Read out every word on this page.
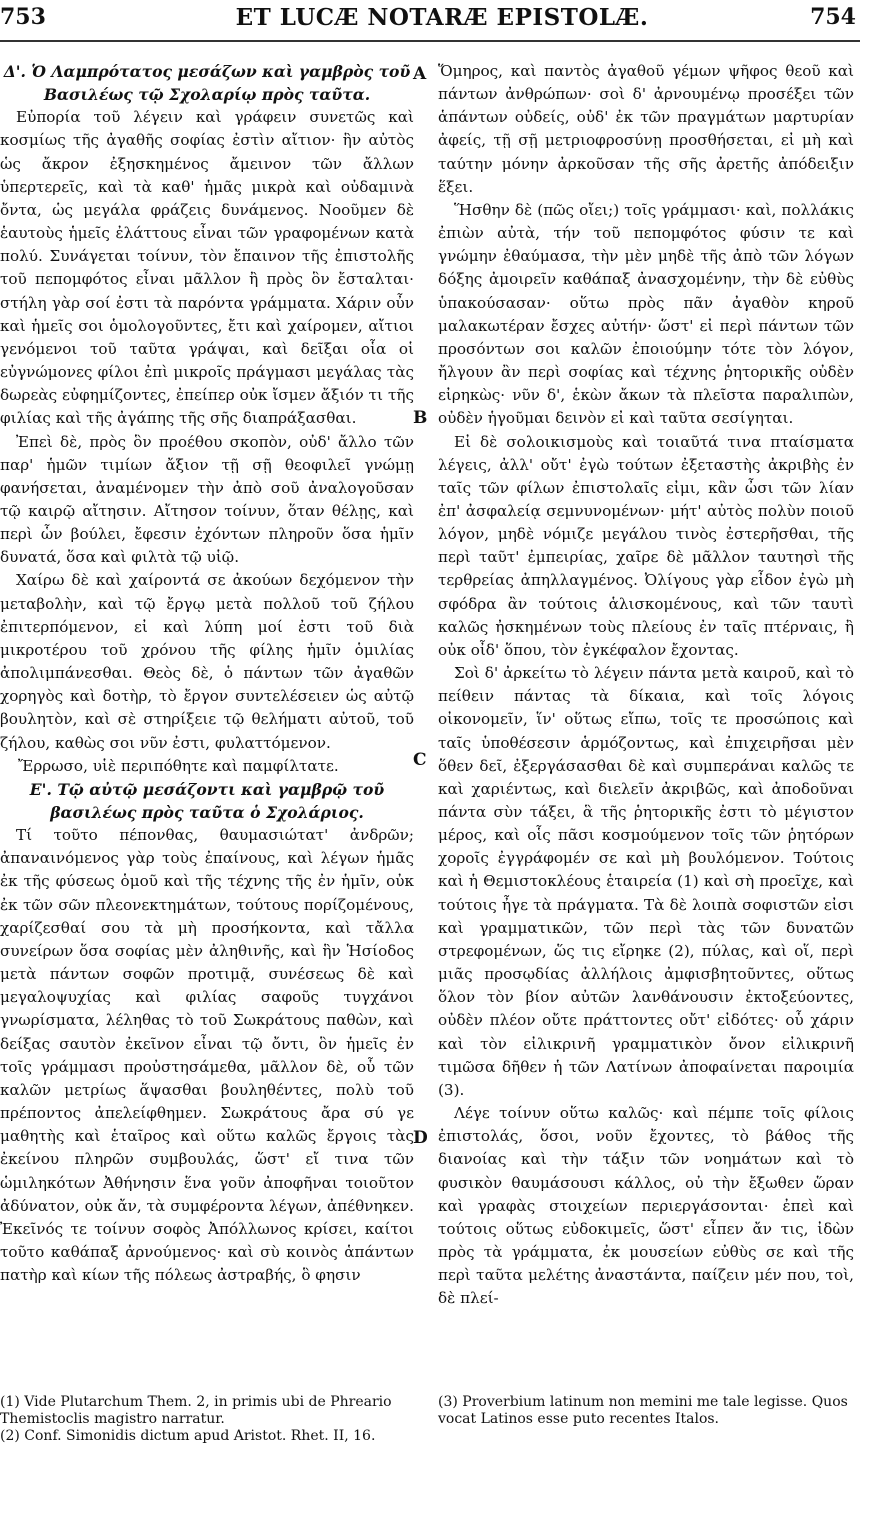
753	ET LUCÆ NOTARÆ EPISTOLÆ.	754

Δ'. Ὁ Λαμπρότατος μεσάζων καὶ γαμβρὸς τοῦ Βασιλέως τῷ Σχολαρίῳ πρὸς ταῦτα.

Εὐπορία τοῦ λέγειν καὶ γράφειν συνετῶς καὶ κοσμίως τῆς ἀγαθῆς σοφίας ἐστὶν αἴτιον· ἣν αὐτὸς ὡς ἄκρον ἐξησκημένος ἄμεινον τῶν ἄλλων ὑπερτερεῖς, καὶ τὰ καθ' ἡμᾶς μικρὰ καὶ οὐδαμινὰ ὄντα, ὡς μεγάλα φράζεις δυνάμενος. Νοοῦμεν δὲ ἑαυτοὺς ἡμεῖς ἐλάττους εἶναι τῶν γραφομένων κατὰ πολύ. Συνάγεται τοίνυν, τὸν ἔπαινον τῆς ἐπιστολῆς τοῦ πεπομφότος εἶναι μᾶλλον ἢ πρὸς ὃν ἔσταλται· στήλη γὰρ σοί ἐστι τὰ παρόντα γράμματα. Χάριν οὖν καὶ ἡμεῖς σοι ὁμολογοῦντες, ἔτι καὶ χαίρομεν, αἴτιοι γενόμενοι τοῦ ταῦτα γράψαι, καὶ δεῖξαι οἷα οἱ εὐγνώμονες φίλοι ἐπὶ μικροῖς πράγμασι μεγάλας τὰς δωρεὰς εὐφημίζοντες, ἐπείπερ οὐκ ἴσμεν ἄξιόν τι τῆς φιλίας καὶ τῆς ἀγάπης τῆς σῆς διαπράξασθαι.

Ἐπεὶ δὲ, πρὸς ὃν προέθου σκοπὸν, οὐδ' ἄλλο τῶν παρ' ἡμῶν τιμίων ἄξιον τῇ σῇ θεοφιλεῖ γνώμῃ φανήσεται, ἀναμένομεν τὴν ἀπὸ σοῦ ἀναλογοῦσαν τῷ καιρῷ αἴτησιν. Αἴτησον τοίνυν, ὅταν θέλῃς, καὶ περὶ ὧν βούλει, ἔφεσιν ἐχόντων πληροῦν ὅσα ἡμῖν δυνατά, ὅσα καὶ φιλτὰ τῷ υἱῷ.

Χαίρω δὲ καὶ χαίροντά σε ἀκούων δεχόμενον τὴν μεταβολὴν, καὶ τῷ ἔργῳ μετὰ πολλοῦ τοῦ ζήλου ἐπιτερπόμενον, εἰ καὶ λύπη μοί ἐστι τοῦ διὰ μικροτέρου τοῦ χρόνου τῆς φίλης ἡμῖν ὁμιλίας ἀπολιμπάνεσθαι. Θεὸς δὲ, ὁ πάντων τῶν ἀγαθῶν χορηγὸς καὶ δοτὴρ, τὸ ἔργον συντελέσειεν ὡς αὐτῷ βουλητὸν, καὶ σὲ στηρίξειε τῷ θελήματι αὐτοῦ, τοῦ ζήλου, καθὼς σοι νῦν ἐστι, φυλαττόμενον.

Ἔρρωσο, υἱὲ περιπόθητε καὶ παμφίλτατε.

Ε'. Τῷ αὐτῷ μεσάζοντι καὶ γαμβρῷ τοῦ βασιλέως πρὸς ταῦτα ὁ Σχολάριος.

Τί τοῦτο πέπονθας, θαυμασιώτατ' ἀνδρῶν; ἀπαναινόμενος γὰρ τοὺς ἐπαίνους, καὶ λέγων ἡμᾶς ἐκ τῆς φύσεως ὁμοῦ καὶ τῆς τέχνης τῆς ἐν ἡμῖν, οὐκ ἐκ τῶν σῶν πλεονεκτημάτων, τούτους πορίζομένους, χαρίζεσθαί σου τὰ μὴ προσήκοντα, καὶ τἄλλα συνείρων ὅσα σοφίας μὲν ἀληθινῆς, καὶ ἣν Ἡσίοδος μετὰ πάντων σοφῶν προτιμᾷ, συνέσεως δὲ καὶ μεγαλοψυχίας καὶ φιλίας σαφοῦς τυγχάνοι γνωρίσματα, λέληθας τὸ τοῦ Σωκράτους παθὼν, καὶ δείξας σαυτὸν ἐκεῖνον εἶναι τῷ ὄντι, ὃν ἡμεῖς ἐν τοῖς γράμμασι προὐστησάμεθα, μᾶλλον δὲ, οὗ τῶν καλῶν μετρίως ἅψασθαι βουληθέντες, πολὺ τοῦ πρέποντος ἀπελείφθημεν. Σωκράτους ἄρα σύ γε μαθητὴς καὶ ἑταῖρος καὶ οὕτω καλῶς ἔργοις τὰς ἐκείνου πληρῶν συμβουλάς, ὥστ' εἴ τινα τῶν ὡμιληκότων Ἀθήνησιν ἕνα γοῦν ἀποφῆναι τοιοῦτον ἀδύνατον, οὐκ ἄν, τὰ συμφέροντα λέγων, ἀπέθνηκεν. Ἐκεῖνός τε τοίνυν σοφὸς Ἀπόλλωνος κρίσει, καίτοι τοῦτο καθάπαξ ἀρνούμενος· καὶ σὺ κοινὸς ἁπάντων πατὴρ καὶ κίων τῆς πόλεως ἀστραβής, ὃ φησιν

A
B
C
D

Ὅμηρος, καὶ παντὸς ἀγαθοῦ γέμων ψῆφος θεοῦ καὶ πάντων ἀνθρώπων· σοὶ δ' ἀρνουμένῳ προσέξει τῶν ἁπάντων οὐδείς, οὐδ' ἐκ τῶν πραγμάτων μαρτυρίαν ἀφείς, τῇ σῇ μετριοφροσύνῃ προσθήσεται, εἰ μὴ καὶ ταύτην μόνην ἀρκοῦσαν τῆς σῆς ἀρετῆς ἀπόδειξιν ἕξει.

Ἥσθην δὲ (πῶς οἴει;) τοῖς γράμμασι· καὶ, πολλάκις ἐπιὼν αὐτὰ, τήν τοῦ πεπομφότος φύσιν τε καὶ γνώμην ἐθαύμασα, τὴν μὲν μηδὲ τῆς ἀπὸ τῶν λόγων δόξης ἀμοιρεῖν καθάπαξ ἀνασχομένην, τὴν δὲ εὐθὺς ὑπακούσασαν· οὕτω πρὸς πᾶν ἀγαθὸν κηροῦ μαλακωτέραν ἔσχες αὐτήν· ὥστ' εἰ περὶ πάντων τῶν προσόντων σοι καλῶν ἐποιούμην τότε τὸν λόγον, ἤλγουν ἂν περὶ σοφίας καὶ τέχνης ῥητορικῆς οὐδὲν εἰρηκὼς· νῦν δ', ἑκὼν ἄκων τὰ πλεῖστα παραλιπὼν, οὐδὲν ἡγοῦμαι δεινὸν εἰ καὶ ταῦτα σεσίγηται.

Εἰ δὲ σολοικισμοὺς καὶ τοιαῦτά τινα πταίσματα λέγεις, ἀλλ' οὔτ' ἐγὼ τούτων ἐξεταστὴς ἀκριβὴς ἐν ταῖς τῶν φίλων ἐπιστολαῖς εἰμι, κἂν ὦσι τῶν λίαν ἐπ' ἀσφαλείᾳ σεμνυνομένων· μήτ' αὐτὸς πολὺν ποιοῦ λόγον, μηδὲ νόμιζε μεγάλου τινὸς ἐστερῆσθαι, τῆς περὶ ταῦτ' ἐμπειρίας, χαῖρε δὲ μᾶλλον ταυτησὶ τῆς τερθρείας ἀπηλλαγμένος. Ὀλίγους γὰρ εἶδον ἐγὼ μὴ σφόδρα ἂν τούτοις ἁλισκομένους, καὶ τῶν ταυτὶ καλῶς ἠσκημένων τοὺς πλείους ἐν ταῖς πτέρναις, ἢ οὐκ οἶδ' ὅπου, τὸν ἐγκέφαλον ἔχοντας.

Σοὶ δ' ἀρκείτω τὸ λέγειν πάντα μετὰ καιροῦ, καὶ τὸ πείθειν πάντας τὰ δίκαια, καὶ τοῖς λόγοις οἰκονομεῖν, ἵν' οὕτως εἴπω, τοῖς τε προσώποις καὶ ταῖς ὑποθέσεσιν ἁρμόζοντως, καὶ ἐπιχειρῆσαι μὲν ὅθεν δεῖ, ἐξεργάσασθαι δὲ καὶ συμπεράναι καλῶς τε καὶ χαριέντως, καὶ διελεῖν ἀκριβῶς, καὶ ἀποδοῦναι πάντα σὺν τάξει, ἃ τῆς ῥητορικῆς ἐστι τὸ μέγιστον μέρος, καὶ οἷς πᾶσι κοσμούμενον τοῖς τῶν ῥητόρων χοροῖς ἐγγράφομέν σε καὶ μὴ βουλόμενον. Τούτοις καὶ ἡ Θεμιστοκλέους ἑταιρεία (1) καὶ σὴ προεῖχε, καὶ τούτοις ἦγε τὰ πράγματα. Τὰ δὲ λοιπὰ σοφιστῶν εἰσι καὶ γραμματικῶν, τῶν περὶ τὰς τῶν δυνατῶν στρεφομένων, ὥς τις εἴρηκε (2), πύλας, καὶ οἵ, περὶ μιᾶς προσῳδίας ἀλλήλοις ἀμφισβητοῦντες, οὕτως ὅλον τὸν βίον αὐτῶν λανθάνουσιν ἐκτοξεύοντες, οὐδὲν πλέον οὔτε πράττοντες οὔτ' εἰδότες· οὗ χάριν καὶ τὸν εἰλικρινῆ γραμματικὸν ὄνον εἰλικρινῆ τιμῶσα δῆθεν ἡ τῶν Λατίνων ἀποφαίνεται παροιμία (3).

Λέγε τοίνυν οὕτω καλῶς· καὶ πέμπε τοῖς φίλοις ἐπιστολάς, ὅσοι, νοῦν ἔχοντες, τὸ βάθος τῆς διανοίας καὶ τὴν τάξιν τῶν νοημάτων καὶ τὸ φυσικὸν θαυμάσουσι κάλλος, οὐ τὴν ἔξωθεν ὥραν καὶ γραφὰς στοιχείων περιεργάσονται· ἐπεὶ καὶ τούτοις οὕτως εὐδοκιμεῖς, ὥστ' εἶπεν ἄν τις, ἰδὼν πρὸς τὰ γράμματα, ἐκ μουσείων εὐθὺς σε καὶ τῆς περὶ ταῦτα μελέτης ἀναστάντα, παίζειν μέν που, τοὶ, δὲ πλεί-

(1) Vide Plutarchum Them. 2, in primis ubi de Phreario Themistoclis magistro narratur.

(2) Conf. Simonidis dictum apud Aristot. Rhet. II, 16.

(3) Proverbium latinum non memini me tale legisse. Quos vocat Latinos esse puto recentes Italos.
